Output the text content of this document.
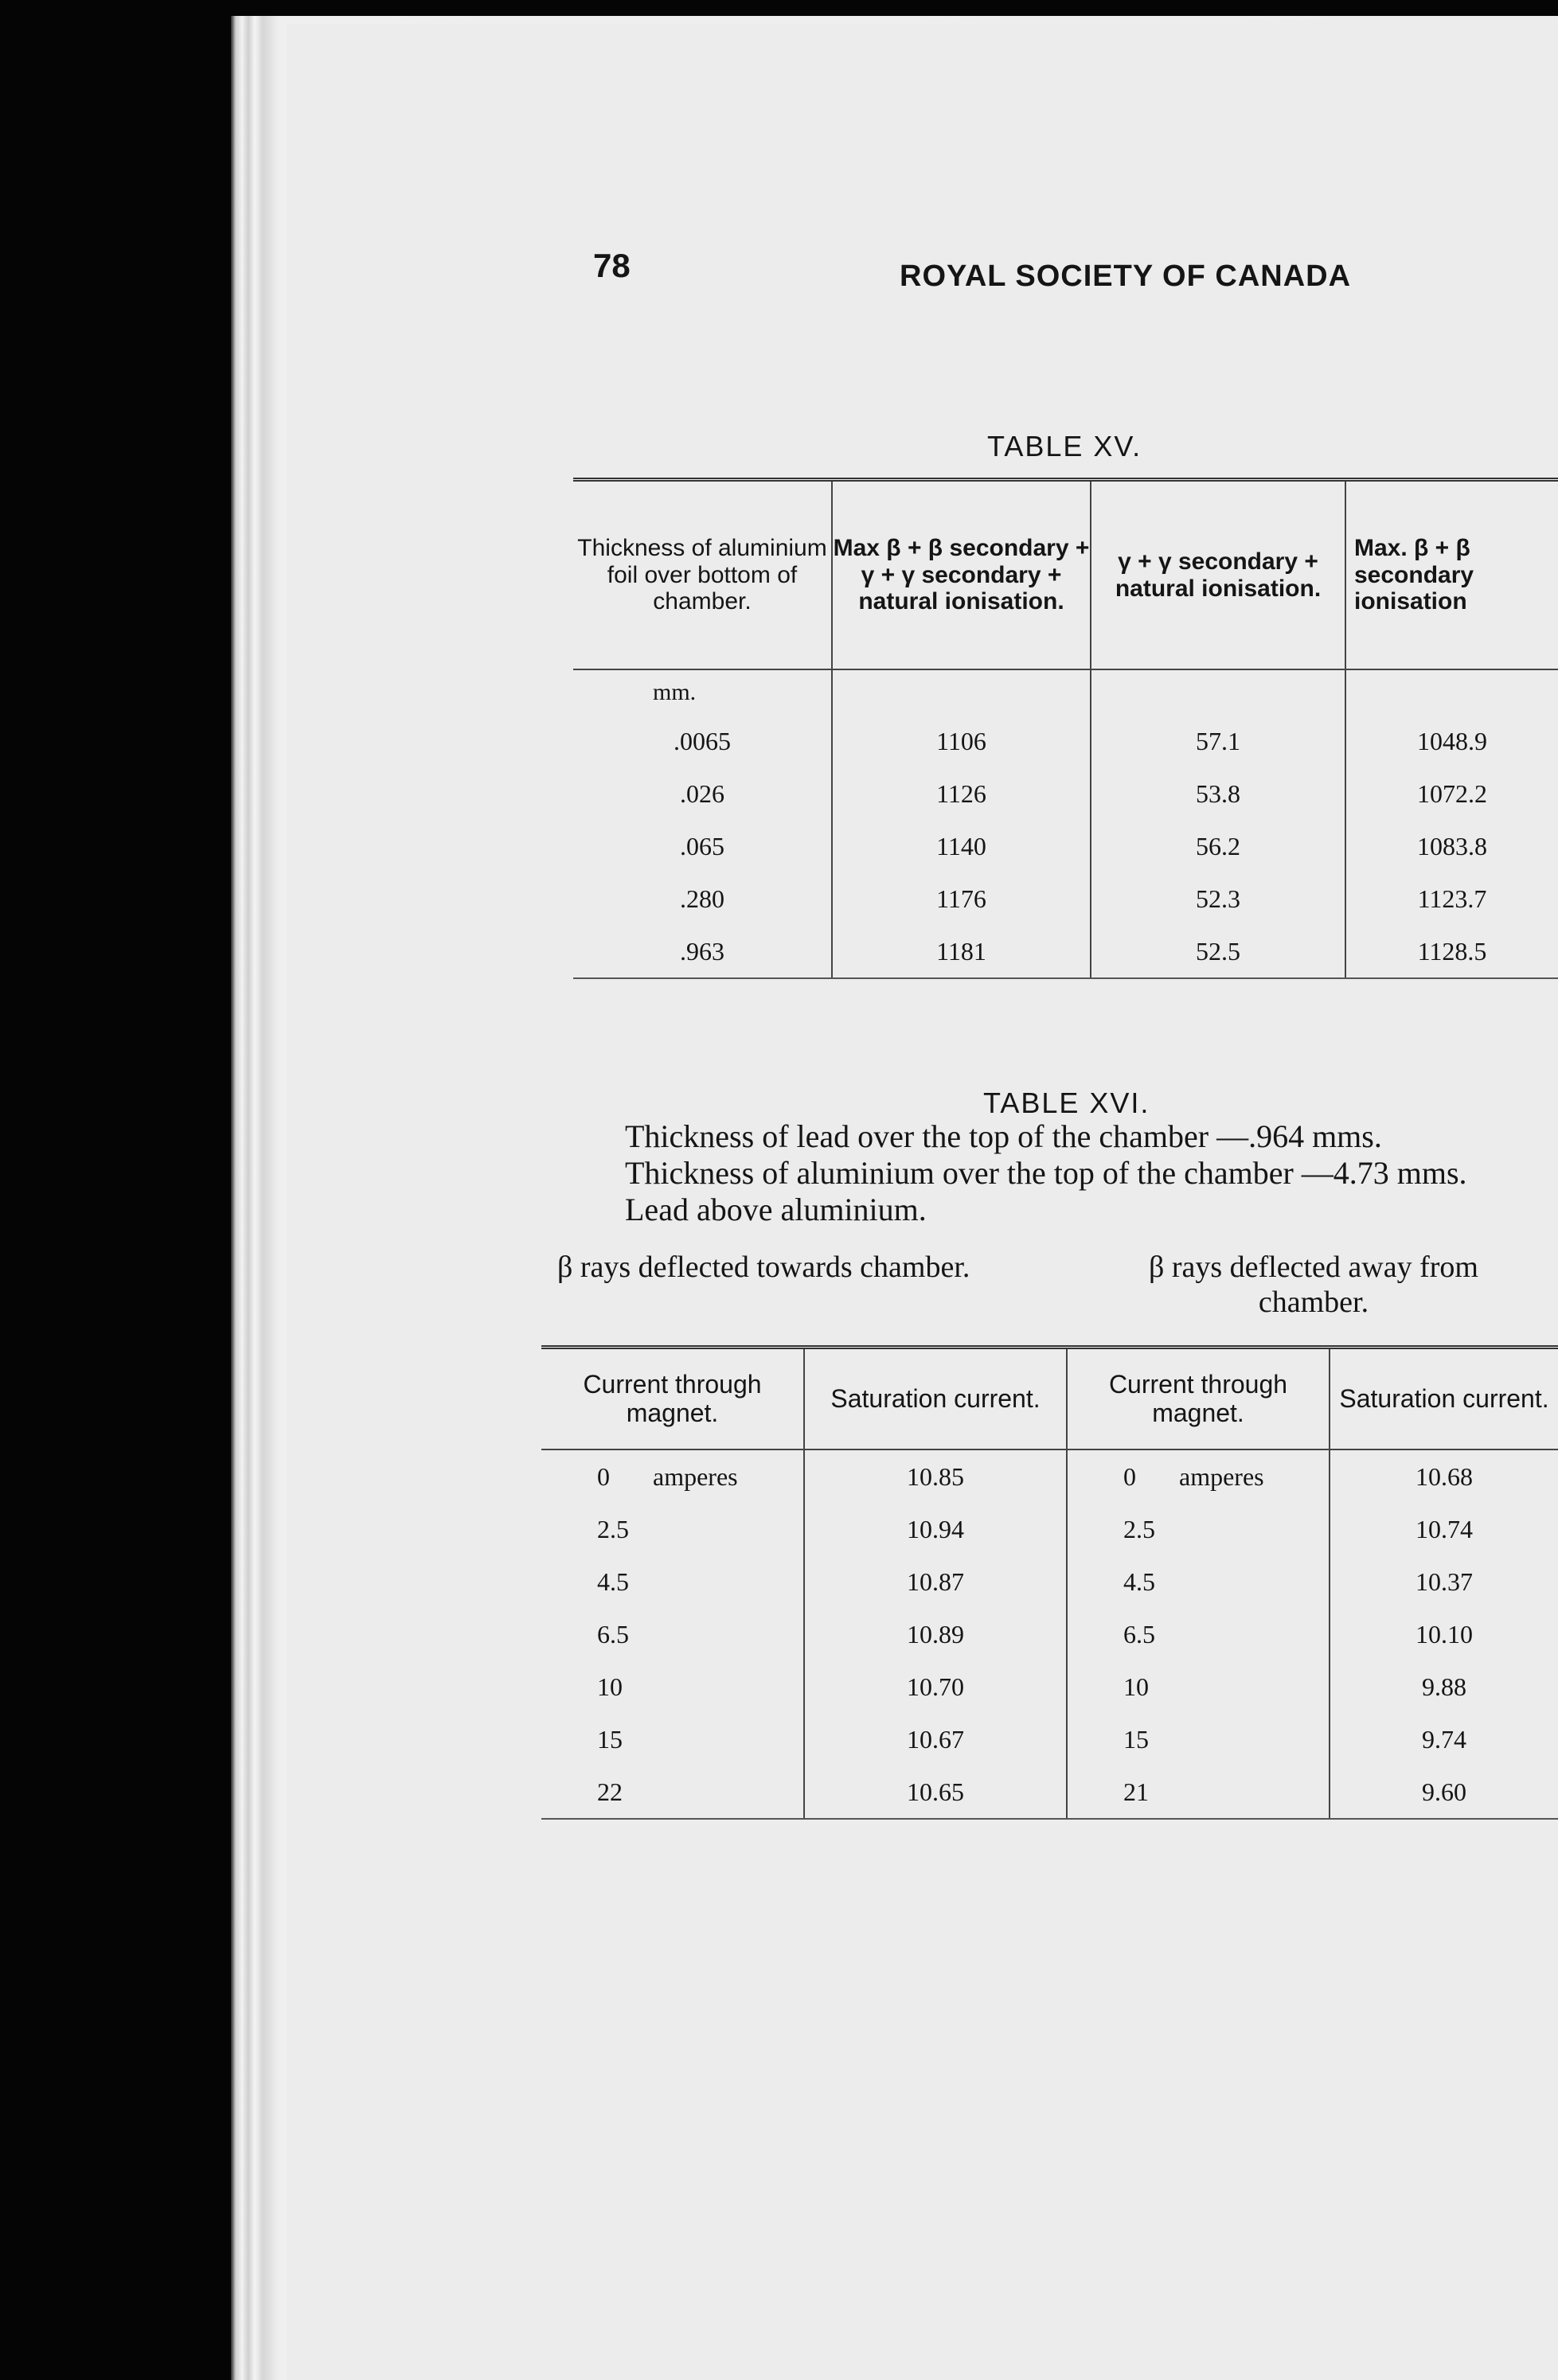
78	ROYAL SOCIETY OF CANADA
TABLE XV.
Thickness of aluminium foil over bottom of chamber.	Max β + β secondary + γ + γ secondary + natural ionisation.	γ + γ secondary + natural ionisation.	Max. β + β secondary ionisation
mm.			
.0065	1106	57.1	1048.9
.026	1126	53.8	1072.2
.065	1140	56.2	1083.8
.280	1176	52.3	1123.7
.963	1181	52.5	1128.5
TABLE XVI.
Thickness of lead over the top of the chamber —.964 mms.
Thickness of aluminium over the top of the chamber —4.73 mms.
Lead above aluminium.
β rays deflected towards chamber.	β rays deflected away from chamber.
Current through magnet.	Saturation current.	Current through magnet.	Saturation current.
0 amperes	10.85	0 amperes	10.68
2.5	10.94	2.5	10.74
4.5	10.87	4.5	10.37
6.5	10.89	6.5	10.10
10	10.70	10	9.88
15	10.67	15	9.74
22	10.65	21	9.60
